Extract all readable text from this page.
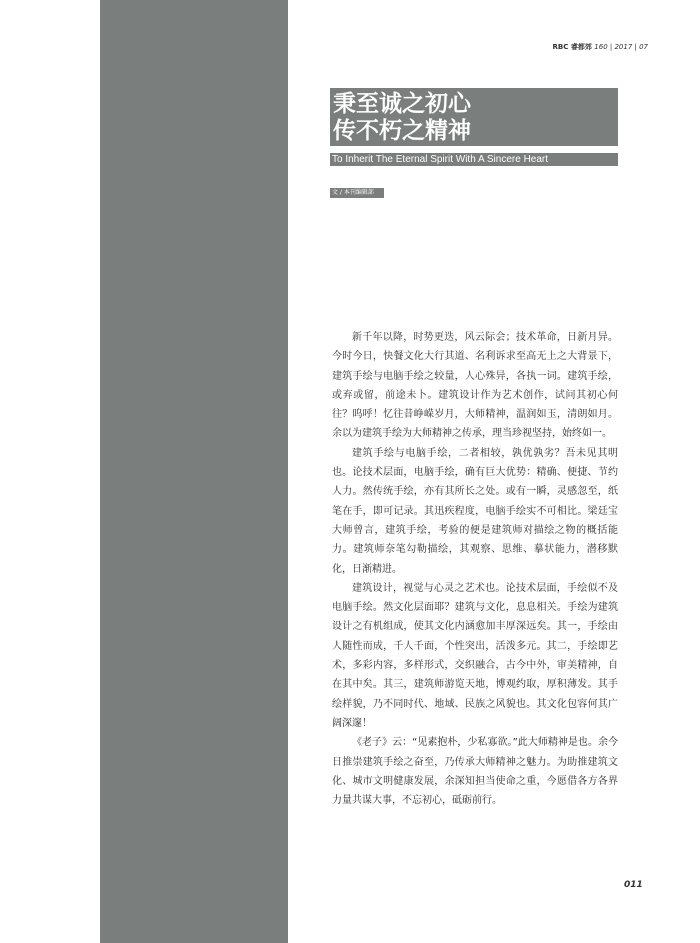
RBC 睿都郊 160 | 2017 | 07
秉至诚之初心
传不朽之精神
To Inherit The Eternal Spirit With A Sincere Heart
文 / 本刊编辑部

新千年以降，时势更迭，风云际会；技术革命，日新月异。今时今日，快餐文化大行其道、名利诉求至高无上之大背景下，建筑手绘与电脑手绘之较量，人心殊异，各执一词。建筑手绘，或弃或留，前途未卜。建筑设计作为艺术创作，试问其初心何往？呜呼！忆往昔峥嵘岁月，大师精神，温润如玉，清朗如月。余以为建筑手绘为大师精神之传承，理当珍视坚持，始终如一。

建筑手绘与电脑手绘，二者相较，孰优孰劣？吾未见其明也。论技术层面，电脑手绘，确有巨大优势：精确、便捷、节约人力。然传统手绘，亦有其所长之处。或有一瞬，灵感忽至，纸笔在手，即可记录。其迅疾程度，电脑手绘实不可相比。梁廷宝大师曾言，建筑手绘，考验的便是建筑师对描绘之物的概括能力。建筑师奈笔勾勒描绘，其观察、思维、摹状能力，潜移默化，日渐精进。

建筑设计，视觉与心灵之艺术也。论技术层面，手绘似不及电脑手绘。然文化层面耶？建筑与文化，息息相关。手绘为建筑设计之有机组成，使其文化内涵愈加丰厚深远矣。其一，手绘由人随性而成，千人千面，个性突出，活泼多元。其二，手绘即艺术，多彩内容，多样形式，交织融合，古今中外，审美精神，自在其中矣。其三，建筑师游览天地，博观约取，厚积薄发。其手绘样貌，乃不同时代、地域、民族之风貌也。其文化包容何其广阔深邃！

《老子》云：“见素抱朴，少私寡欲。”此大师精神是也。余今日推崇建筑手绘之奋至，乃传承大师精神之魅力。为助推建筑文化、城市文明健康发展，余深知担当使命之重，今愿借各方各界力量共谋大事，不忘初心，砥砺前行。

011
